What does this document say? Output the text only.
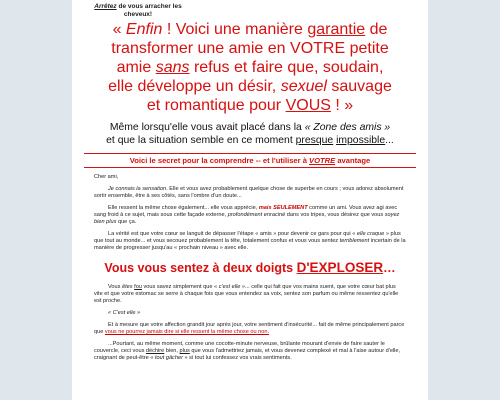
Arrêtez de vous arracher les
cheveux!
« Enfin ! Voici une manière garantie de
transformer une amie en VOTRE petite
amie sans refus et faire que, soudain,
elle développe un désir, sexuel sauvage
et romantique pour VOUS ! »
Même lorsqu'elle vous avait placé dans la « Zone des amis »
et que la situation semble en ce moment presque impossible...
Voici le secret pour la comprendre -- et l'utiliser à VOTRE avantage

Cher ami,

Je connais la sensation. Elle et vous avez probablement quelque chose de superbe en cours ; vous adorez absolument sortir ensemble, être à ses côtés, sans l'ombre d'un doute...

Elle ressent la même chose également... elle vous apprécie, mais SEULEMENT comme un ami. Vous avez agi avec sang froid à ce sujet, mais sous cette façade externe, profondément enraciné dans vos tripes, vous désirez que vous soyez bien plus que ça.

La vérité est que votre cœur se languit de dépasser l'étape « amis » pour devenir ce gars pour qui « elle craque » plus que tout au monde... et vous secouez probablement la tête, totalement confus et vous vous sentez terriblement incertain de la manière de progresser jusqu'au « prochain niveau » avec elle.

Vous vous sentez à deux doigts D'EXPLOSER…

Vous êtes fou vous savez simplement que « c'est elle »... celle qui fait que vos mains suent, que votre cœur bat plus vite et que votre estomac se serre à chaque fois que vous entendez sa voix, sentez son parfum ou même ressentez qu'elle est proche.

« C'est elle »

Et à mesure que votre affection grandit jour après jour, votre sentiment d'insécurité... fait de même principalement parce que vous ne pourrez jamais dire si elle ressent la même chose ou non.

...Pourtant, au même moment, comme une cocotte-minute nerveuse, brûlante mourant d'envie de faire sauter le couvercle, ceci vous déchire bien, plus que vous l'admettriez jamais, et vous devenez complexé et mal à l'aise autour d'elle, craignant de peut-être « tout gâcher » si tout lui confessez vos vrais sentiments.
